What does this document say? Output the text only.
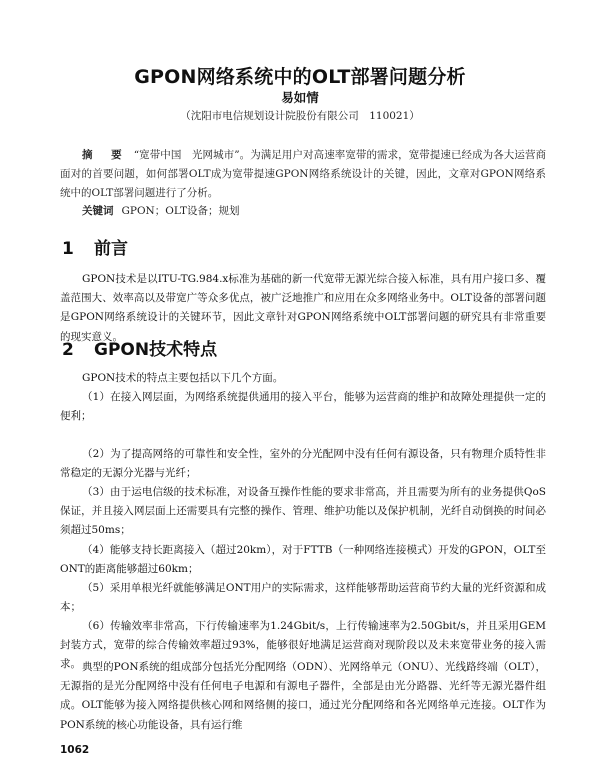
GPON网络系统中的OLT部署问题分析
易如情
（沈阳市电信规划设计院股份有限公司　110021）
摘　要 “宽带中国　光网城市”。为满足用户对高速率宽带的需求，宽带提速已经成为各大运营商面对的首要问题，如何部署OLT成为宽带提速GPON网络系统设计的关键，因此，文章对GPON网络系统中的OLT部署问题进行了分析。
关键词 GPON；OLT设备；规划
1 前言

GPON技术是以ITU-TG.984.x标准为基础的新一代宽带无源光综合接入标准，具有用户接口多、覆盖范围大、效率高以及带宽广等众多优点，被广泛地推广和应用在众多网络业务中。OLT设备的部署问题是GPON网络系统设计的关键环节，因此文章针对GPON网络系统中OLT部署问题的研究具有非常重要的现实意义。

2 GPON技术特点

GPON技术的特点主要包括以下几个方面。

（1）在接入网层面，为网络系统提供通用的接入平台，能够为运营商的维护和故障处理提供一定的便利；

（2）为了提高网络的可靠性和安全性，室外的分光配网中没有任何有源设备，只有物理介质特性非常稳定的无源分光器与光纤；

（3）由于运电信级的技术标准，对设备互操作性能的要求非常高，并且需要为所有的业务提供QoS保证，并且接入网层面上还需要具有完整的操作、管理、维护功能以及保护机制，光纤自动倒换的时间必须超过50ms；

（4）能够支持长距离接入（超过20km），对于FTTB（一种网络连接模式）开发的GPON，OLT至ONT的距离能够超过60km；

（5）采用单根光纤就能够满足ONT用户的实际需求，这样能够帮助运营商节约大量的光纤资源和成本；

（6）传输效率非常高，下行传输速率为1.24Gbit/s，上行传输速率为2.50Gbit/s，并且采用GEM封装方式，宽带的综合传输效率超过93%，能够很好地满足运营商对现阶段以及未来宽带业务的接入需求。 典型的PON系统的组成部分包括光分配网络（ODN）、光网络单元（ONU）、光线路终端（OLT），无源指的是光分配网络中没有任何电子电源和有源电子器件，全部是由光分路器、光纤等无源光器件组成。OLT能够为接入网络提供核心网和网络侧的接口，通过光分配网络和各光网络单元连接。OLT作为PON系统的核心功能设备，具有运行维

1062
